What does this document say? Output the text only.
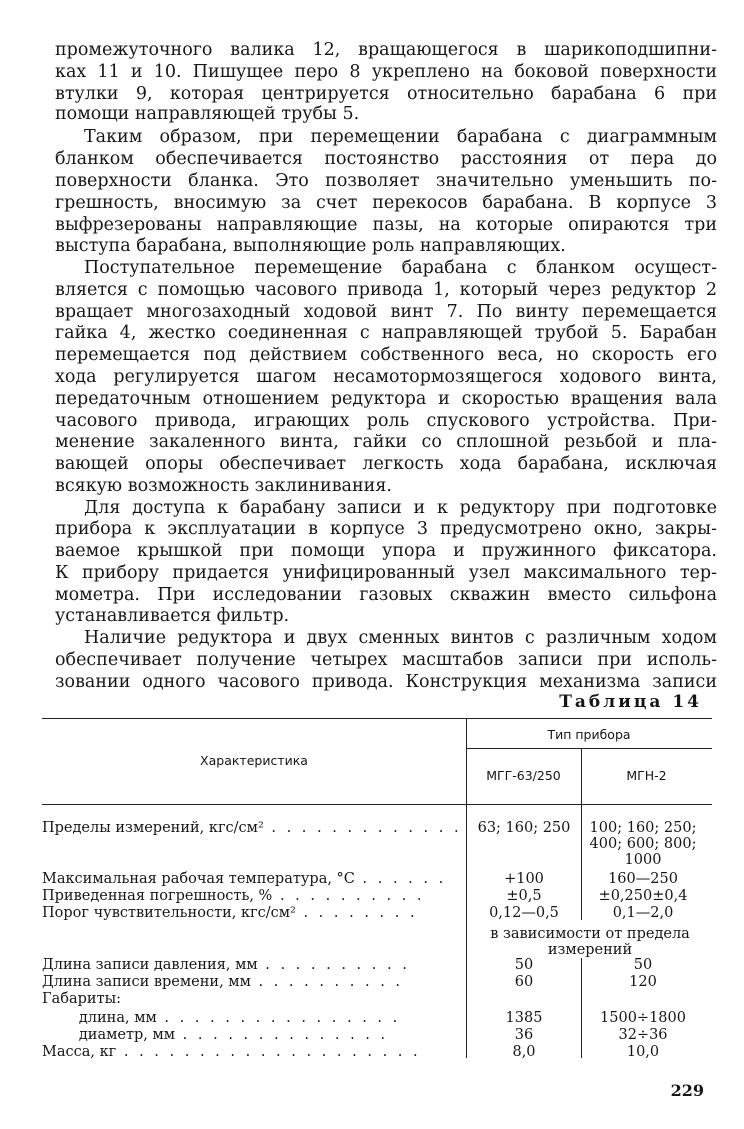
промежуточного валика 12, вращающегося в шарикоподшипни-
ках 11 и 10. Пишущее перо 8 укреплено на боковой поверхности
втулки 9, которая центрируется относительно барабана 6 при
помощи направляющей трубы 5.
Таким образом, при перемещении барабана с диаграммным
бланком обеспечивается постоянство расстояния от пера до
поверхности бланка. Это позволяет значительно уменьшить по-
грешность, вносимую за счет перекосов барабана. В корпусе 3
выфрезерованы направляющие пазы, на которые опираются три
выступа барабана, выполняющие роль направляющих.
Поступательное перемещение барабана с бланком осущест-
вляется с помощью часового привода 1, который через редуктор 2
вращает многозаходный ходовой винт 7. По винту перемещается
гайка 4, жестко соединенная с направляющей трубой 5. Барабан
перемещается под действием собственного веса, но скорость его
хода регулируется шагом несамотормозящегося ходового винта,
передаточным отношением редуктора и скоростью вращения вала
часового привода, играющих роль спускового устройства. При-
менение закаленного винта, гайки со сплошной резьбой и пла-
вающей опоры обеспечивает легкость хода барабана, исключая
всякую возможность заклинивания.
Для доступа к барабану записи и к редуктору при подготовке
прибора к эксплуатации в корпусе 3 предусмотрено окно, закры-
ваемое крышкой при помощи упора и пружинного фиксатора.
К прибору придается унифицированный узел максимального тер-
мометра. При исследовании газовых скважин вместо сильфона
устанавливается фильтр.
Наличие редуктора и двух сменных винтов с различным ходом
обеспечивает получение четырех масштабов записи при исполь-
зовании одного часового привода. Конструкция механизма записи
Таблица 14
Характеристика
Тип прибора
МГГ-63/250	МГН-2
Пределы измерений, кгс/см² . . . . . . . . . . . . .	63; 160; 250	100; 160; 250;
400; 600; 800;
1000
Максимальная рабочая температура, °С . . . . . .	+100	160—250
Приведенная погрешность, % . . . . . . . . . .	±0,5	±0,250±0,4
Порог чувствительности, кгс/см² . . . . . . . .	0,12—0,5	0,1—2,0
в зависимости от предела
измерений
Длина записи давления, мм . . . . . . . . . .	50	50
Длина записи времени, мм . . . . . . . . . .	60	120
Габариты:
длина, мм . . . . . . . . . . . . . . . .	1385	1500÷1800
диаметр, мм . . . . . . . . . . . . . .	36	32÷36
Масса, кг . . . . . . . . . . . . . . . . . . . .	8,0	10,0
229
